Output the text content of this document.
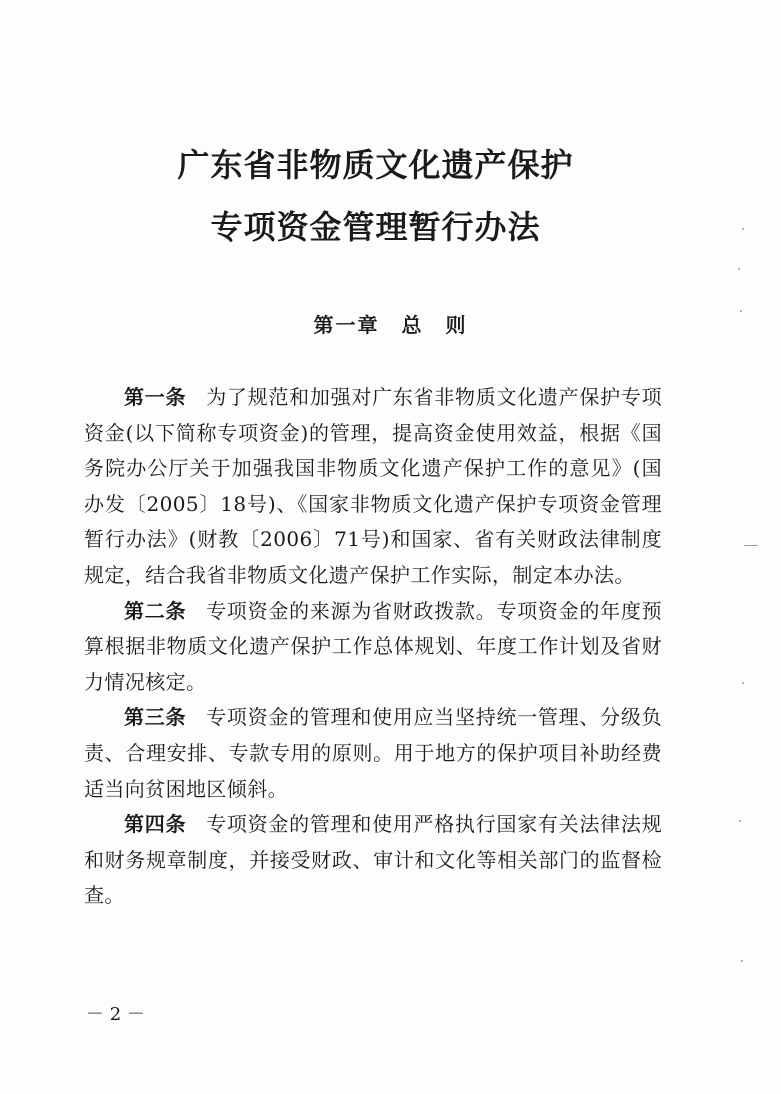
广东省非物质文化遗产保护
专项资金管理暂行办法
第一章　总　则

第一条 为了规范和加强对广东省非物质文化遗产保护专项资金(以下简称专项资金)的管理，提高资金使用效益，根据《国务院办公厅关于加强我国非物质文化遗产保护工作的意见》(国办发〔2005〕18号)、《国家非物质文化遗产保护专项资金管理暂行办法》(财教〔2006〕71号)和国家、省有关财政法律制度规定，结合我省非物质文化遗产保护工作实际，制定本办法。

第二条 专项资金的来源为省财政拨款。专项资金的年度预算根据非物质文化遗产保护工作总体规划、年度工作计划及省财力情况核定。

第三条 专项资金的管理和使用应当坚持统一管理、分级负责、合理安排、专款专用的原则。用于地方的保护项目补助经费适当向贫困地区倾斜。

第四条 专项资金的管理和使用严格执行国家有关法律法规和财务规章制度，并接受财政、审计和文化等相关部门的监督检查。

－ 2 －
